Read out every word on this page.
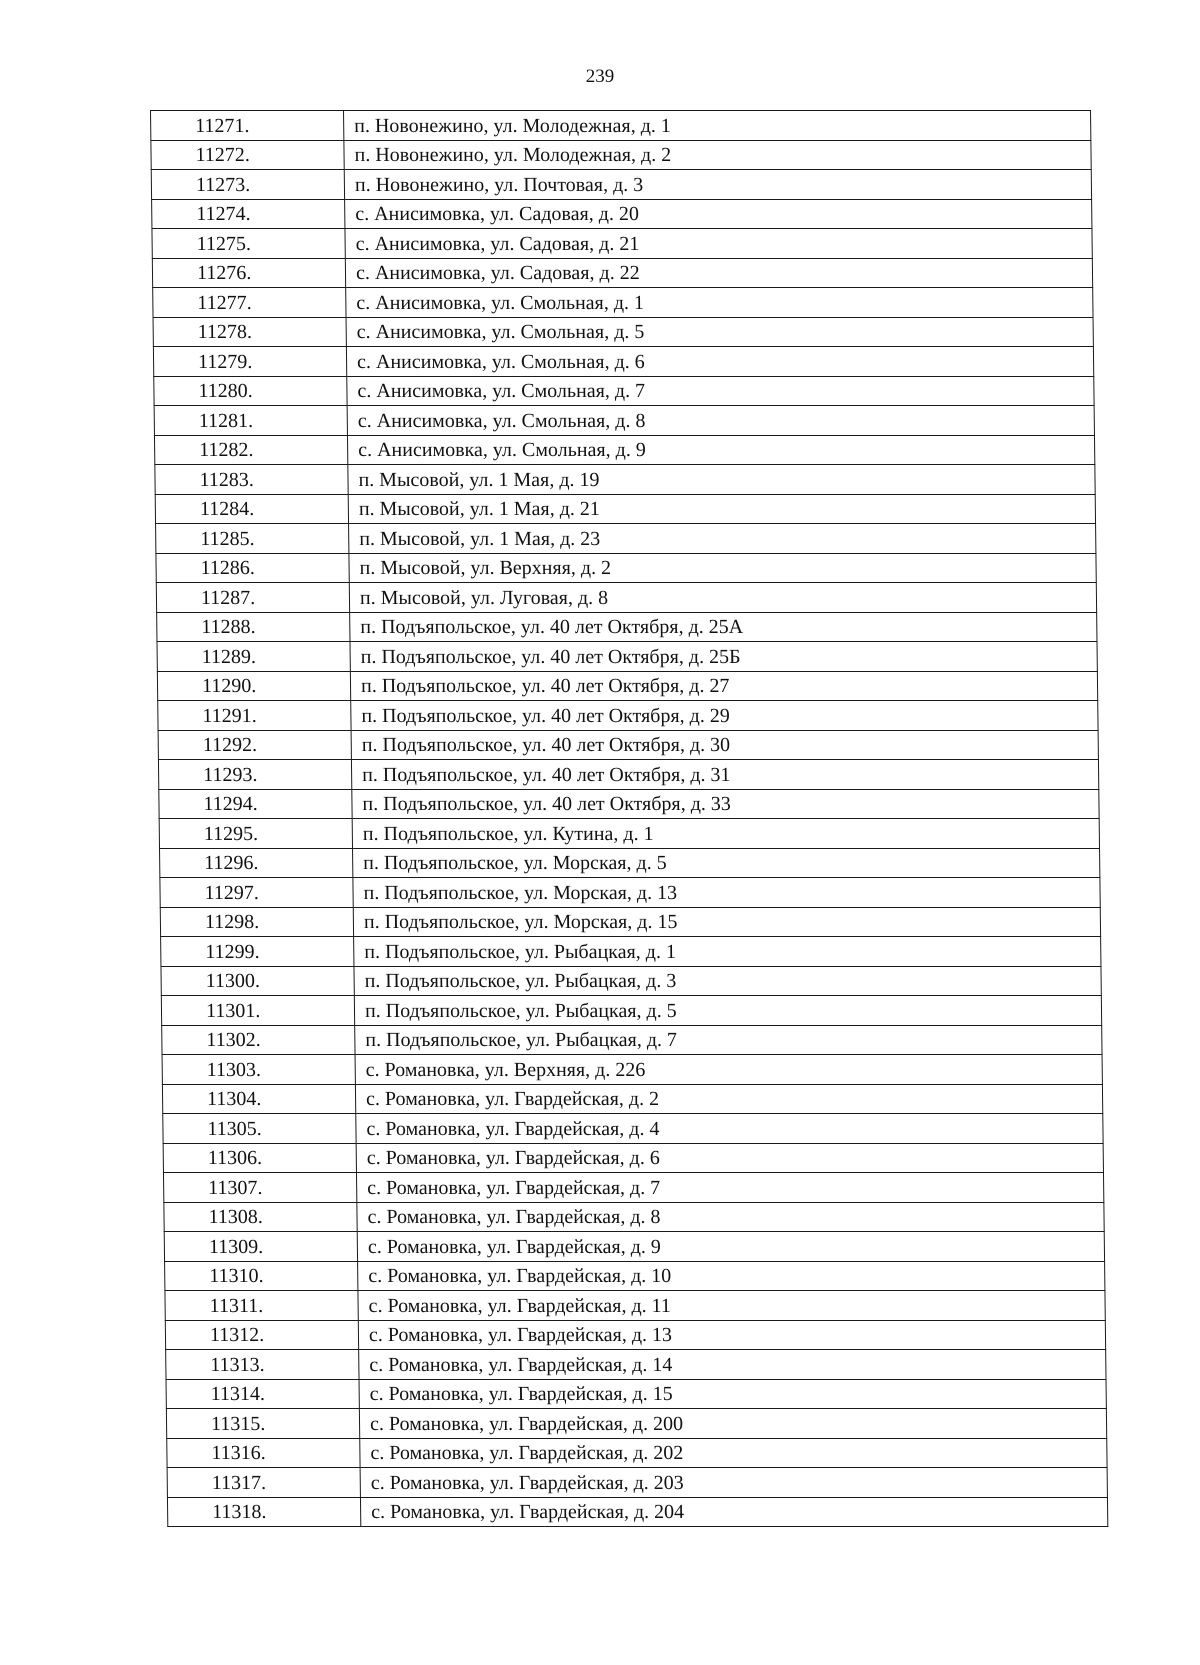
239
11271.	п. Новонежино, ул. Молодежная, д. 1
11272.	п. Новонежино, ул. Молодежная, д. 2
11273.	п. Новонежино, ул. Почтовая, д. 3
11274.	с. Анисимовка, ул. Садовая, д. 20
11275.	с. Анисимовка, ул. Садовая, д. 21
11276.	с. Анисимовка, ул. Садовая, д. 22
11277.	с. Анисимовка, ул. Смольная, д. 1
11278.	с. Анисимовка, ул. Смольная, д. 5
11279.	с. Анисимовка, ул. Смольная, д. 6
11280.	с. Анисимовка, ул. Смольная, д. 7
11281.	с. Анисимовка, ул. Смольная, д. 8
11282.	с. Анисимовка, ул. Смольная, д. 9
11283.	п. Мысовой, ул. 1 Мая, д. 19
11284.	п. Мысовой, ул. 1 Мая, д. 21
11285.	п. Мысовой, ул. 1 Мая, д. 23
11286.	п. Мысовой, ул. Верхняя, д. 2
11287.	п. Мысовой, ул. Луговая, д. 8
11288.	п. Подъяпольское, ул. 40 лет Октября, д. 25А
11289.	п. Подъяпольское, ул. 40 лет Октября, д. 25Б
11290.	п. Подъяпольское, ул. 40 лет Октября, д. 27
11291.	п. Подъяпольское, ул. 40 лет Октября, д. 29
11292.	п. Подъяпольское, ул. 40 лет Октября, д. 30
11293.	п. Подъяпольское, ул. 40 лет Октября, д. 31
11294.	п. Подъяпольское, ул. 40 лет Октября, д. 33
11295.	п. Подъяпольское, ул. Кутина, д. 1
11296.	п. Подъяпольское, ул. Морская, д. 5
11297.	п. Подъяпольское, ул. Морская, д. 13
11298.	п. Подъяпольское, ул. Морская, д. 15
11299.	п. Подъяпольское, ул. Рыбацкая, д. 1
11300.	п. Подъяпольское, ул. Рыбацкая, д. 3
11301.	п. Подъяпольское, ул. Рыбацкая, д. 5
11302.	п. Подъяпольское, ул. Рыбацкая, д. 7
11303.	с. Романовка, ул. Верхняя, д. 226
11304.	с. Романовка, ул. Гвардейская, д. 2
11305.	с. Романовка, ул. Гвардейская, д. 4
11306.	с. Романовка, ул. Гвардейская, д. 6
11307.	с. Романовка, ул. Гвардейская, д. 7
11308.	с. Романовка, ул. Гвардейская, д. 8
11309.	с. Романовка, ул. Гвардейская, д. 9
11310.	с. Романовка, ул. Гвардейская, д. 10
11311.	с. Романовка, ул. Гвардейская, д. 11
11312.	с. Романовка, ул. Гвардейская, д. 13
11313.	с. Романовка, ул. Гвардейская, д. 14
11314.	с. Романовка, ул. Гвардейская, д. 15
11315.	с. Романовка, ул. Гвардейская, д. 200
11316.	с. Романовка, ул. Гвардейская, д. 202
11317.	с. Романовка, ул. Гвардейская, д. 203
11318.	с. Романовка, ул. Гвардейская, д. 204
